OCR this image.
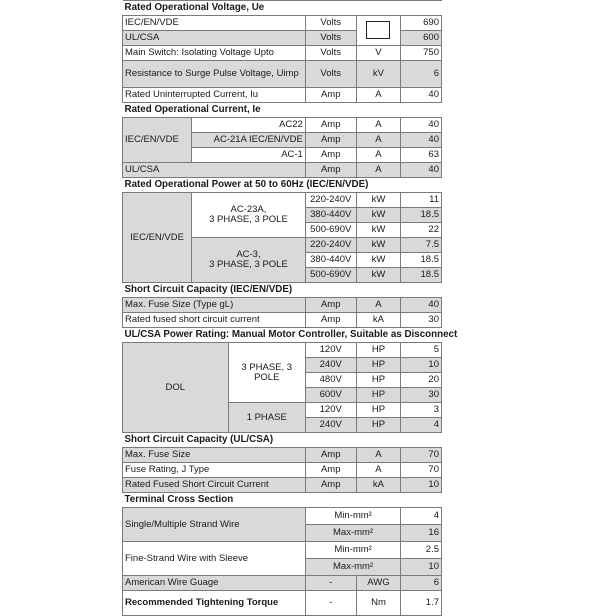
Rated Operational Voltage, Ue					
IEC/EN/VDE			Volts		690
UL/CSA			Volts		600
Main Switch: Isolating Voltage Upto			Volts	V	750
Resistance to Surge Pulse Voltage, Uimp			Volts	kV	6
Rated Uninterrupted Current, Iu			Amp	A	40
Rated Operational Current, Ie					
IEC/EN/VDE	AC22		Amp	A	40
	AC-21A IEC/EN/VDE		Amp	A	40
	AC-1		Amp	A	63
UL/CSA			Amp	A	40
Rated Operational Power at 50 to 60Hz (IEC/EN/VDE)					
IEC/EN/VDE	AC-23A,
3 PHASE, 3 POLE		220-240V	kW	11
			380-440V	kW	18.5
			500-690V	kW	22
	AC-3,
3 PHASE, 3 POLE		220-240V	kW	7.5
			380-440V	kW	18.5
			500-690V	kW	18.5
Short Circuit Capacity (IEC/EN/VDE)					
Max. Fuse Size (Type gL)			Amp	A	40
Rated fused short circuit current			Amp	kA	30
UL/CSA Power Rating: Manual Motor Controller, Suitable as Disconnect					
DOL		3 PHASE, 3 POLE	120V	HP	5
			240V	HP	10
			480V	HP	20
			600V	HP	30
		1 PHASE	120V	HP	3
			240V	HP	4
Short Circuit Capacity (UL/CSA)					
Max. Fuse Size			Amp	A	70
Fuse Rating, J Type			Amp	A	70
Rated Fused Short Circuit Current			Amp	kA	10
Terminal Cross Section					
Single/Multiple Strand Wire			Min-mm²		4
			Max-mm²		16
Fine-Strand Wire with Sleeve			Min-mm²		2.5
			Max-mm²		10
American Wire Guage			-	AWG	6
Recommended Tightening Torque			-	Nm	1.7
